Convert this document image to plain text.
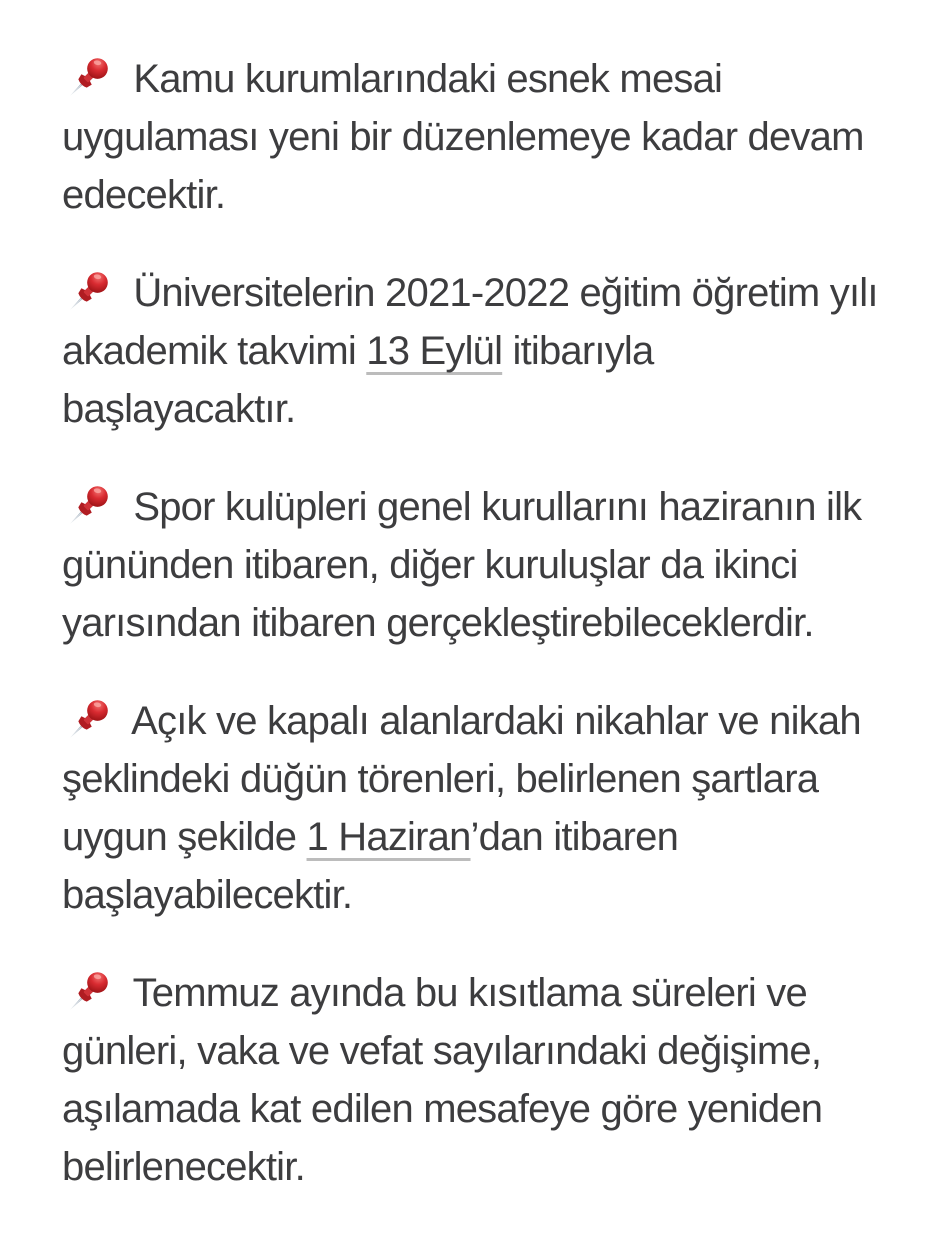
Kamu kurumlarındaki esnek mesai
uygulaması yeni bir düzenlemeye kadar devam
edecektir.

Üniversitelerin 2021-2022 eğitim öğretim yılı
akademik takvimi 13 Eylül itibarıyla
başlayacaktır.

Spor kulüpleri genel kurullarını haziranın ilk
gününden itibaren, diğer kuruluşlar da ikinci
yarısından itibaren gerçekleştirebileceklerdir.

Açık ve kapalı alanlardaki nikahlar ve nikah
şeklindeki düğün törenleri, belirlenen şartlara
uygun şekilde 1 Haziran’dan itibaren
başlayabilecektir.

Temmuz ayında bu kısıtlama süreleri ve
günleri, vaka ve vefat sayılarındaki değişime,
aşılamada kat edilen mesafeye göre yeniden
belirlenecektir.
